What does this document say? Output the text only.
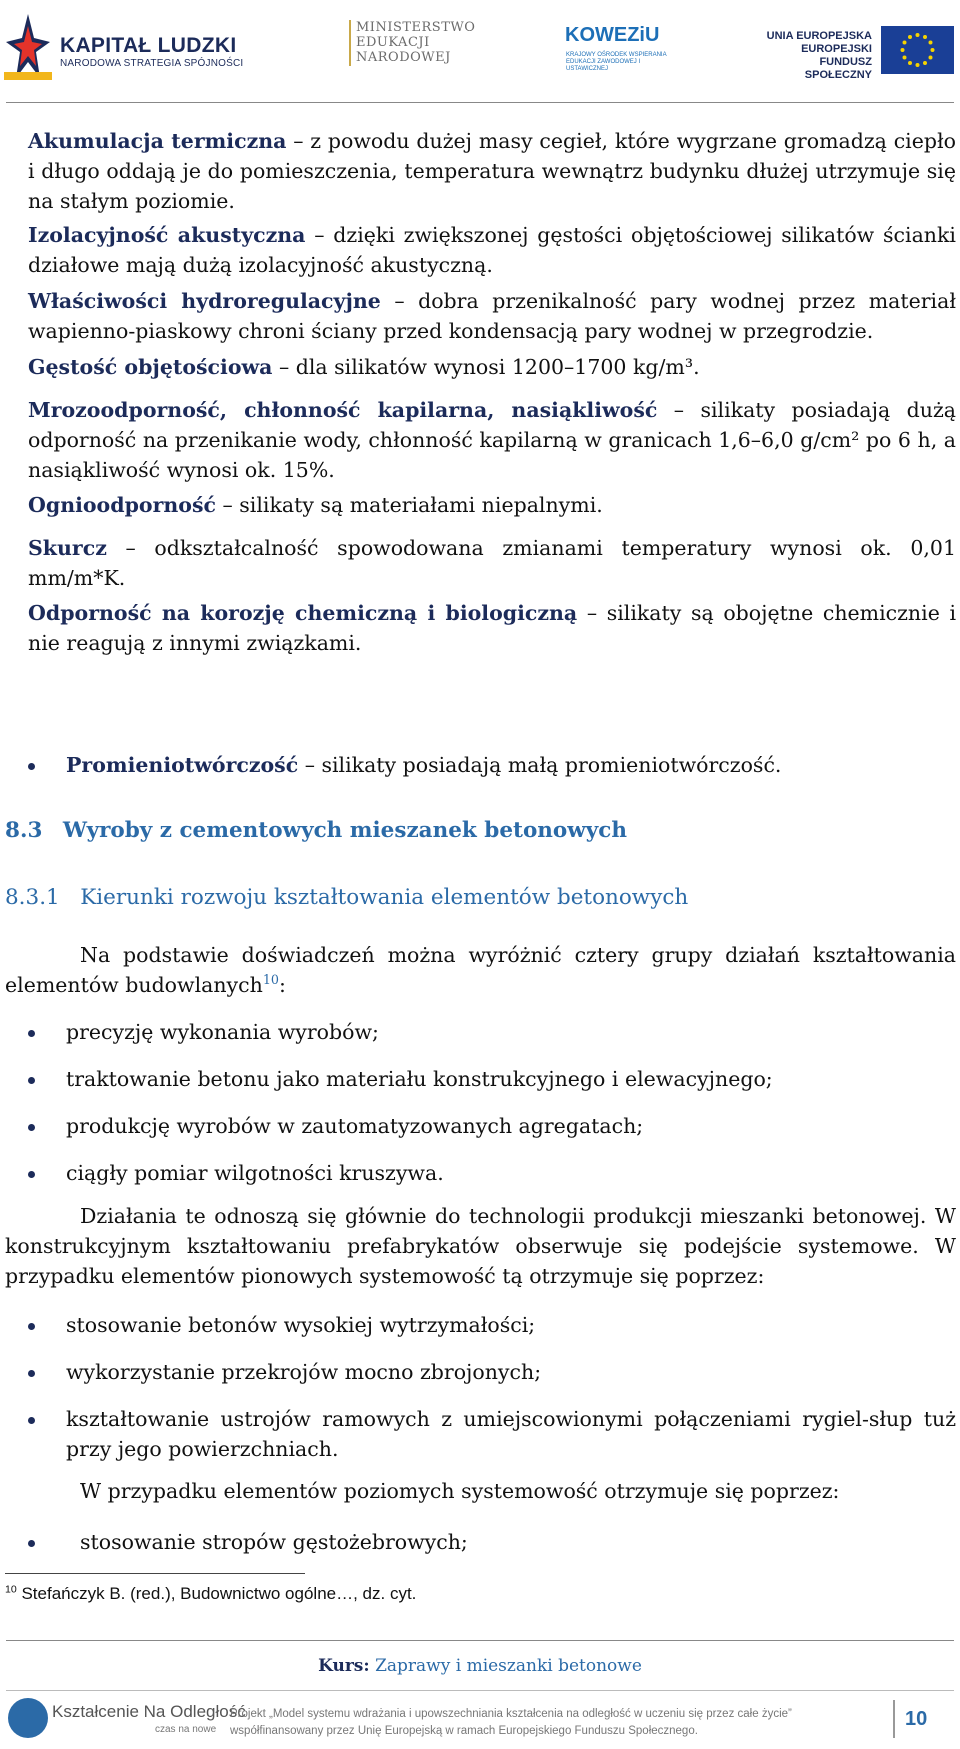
KAPITAŁ LUDZKI
NARODOWA STRATEGIA SPÓJNOŚCI
MINISTERSTWO EDUKACJI NARODOWEJ
KOWEZiU
KRAJOWY OŚRODEK WSPIERANIA EDUKACJI ZAWODOWEJ I USTAWICZNEJ
UNIA EUROPEJSKA EUROPEJSKI FUNDUSZ SPOŁECZNY
Akumulacja termiczna – z powodu dużej masy cegieł, które wygrzane gromadzą ciepło i długo oddają je do pomieszczenia, temperatura wewnątrz budynku dłużej utrzymuje się na stałym poziomie.
Izolacyjność akustyczna – dzięki zwiększonej gęstości objętościowej silikatów ścianki działowe mają dużą izolacyjność akustyczną.
Właściwości hydroregulacyjne – dobra przenikalność pary wodnej przez materiał wapienno-piaskowy chroni ściany przed kondensacją pary wodnej w przegrodzie.
Gęstość objętościowa – dla silikatów wynosi 1200–1700 kg/m³.
Mrozoodporność, chłonność kapilarna, nasiąkliwość – silikaty posiadają dużą odporność na przenikanie wody, chłonność kapilarną w granicach 1,6–6,0 g/cm² po 6 h, a nasiąkliwość wynosi ok. 15%.
Ognioodporność – silikaty są materiałami niepalnymi.
Skurcz – odkształcalność spowodowana zmianami temperatury wynosi ok. 0,01 mm/m*K.
Odporność na korozję chemiczną i biologiczną – silikaty są obojętne chemicznie i nie reagują z innymi związkami.
Promieniotwórczość – silikaty posiadają małą promieniotwórczość.
8.3 Wyroby z cementowych mieszanek betonowych
8.3.1 Kierunki rozwoju kształtowania elementów betonowych
Na podstawie doświadczeń można wyróżnić cztery grupy działań kształtowania elementów budowlanych$^{10}$:
precyzję wykonania wyrobów;
traktowanie betonu jako materiału konstrukcyjnego i elewacyjnego;
produkcję wyrobów w zautomatyzowanych agregatach;
ciągły pomiar wilgotności kruszywa.
Działania te odnoszą się głównie do technologii produkcji mieszanki betonowej. W konstrukcyjnym kształtowaniu prefabrykatów obserwuje się podejście systemowe. W przypadku elementów pionowych systemowość tą otrzymuje się poprzez:
stosowanie betonów wysokiej wytrzymałości;
wykorzystanie przekrojów mocno zbrojonych;
kształtowanie ustrojów ramowych z umiejscowionymi połączeniami rygiel-słup tuż przy jego powierzchniach.
W przypadku elementów poziomych systemowość otrzymuje się poprzez:
stosowanie stropów gęstożebrowych;
$^{10}$ Stefańczyk B. (red.), Budownictwo ogólne…, dz. cyt.
Kurs: Zaprawy i mieszanki betonowe
Kształcenie Na Odległość
czas na nowe
Projekt „Model systemu wdrażania i upowszechniania kształcenia na odległość w uczeniu się przez całe życie”
współfinansowany przez Unię Europejską w ramach Europejskiego Funduszu Społecznego.
10
